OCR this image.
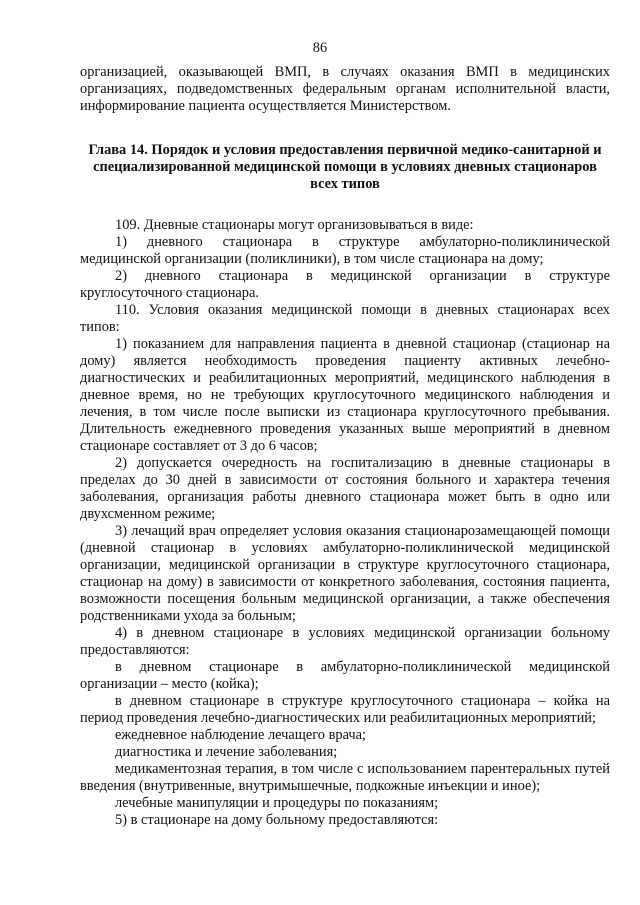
86

организацией, оказывающей ВМП, в случаях оказания ВМП в медицинских организациях, подведомственных федеральным органам исполнительной власти, информирование пациента осуществляется Министерством.

Глава 14. Порядок и условия предоставления первичной медико-санитарной и специализированной медицинской помощи в условиях дневных стационаров всех типов

109. Дневные стационары могут организовываться в виде:

1) дневного стационара в структуре амбулаторно-поликлинической медицинской организации (поликлиники), в том числе стационара на дому;

2) дневного стационара в медицинской организации в структуре круглосуточного стационара.

110. Условия оказания медицинской помощи в дневных стационарах всех типов:

1) показанием для направления пациента в дневной стационар (стационар на дому) является необходимость проведения пациенту активных лечебно-диагностических и реабилитационных мероприятий, медицинского наблюдения в дневное время, но не требующих круглосуточного медицинского наблюдения и лечения, в том числе после выписки из стационара круглосуточного пребывания. Длительность ежедневного проведения указанных выше мероприятий в дневном стационаре составляет от 3 до 6 часов;

2) допускается очередность на госпитализацию в дневные стационары в пределах до 30 дней в зависимости от состояния больного и характера течения заболевания, организация работы дневного стационара может быть в одно или двухсменном режиме;

3) лечащий врач определяет условия оказания стационарозамещающей помощи (дневной стационар в условиях амбулаторно-поликлинической медицинской организации, медицинской организации в структуре круглосуточного стационара, стационар на дому) в зависимости от конкретного заболевания, состояния пациента, возможности посещения больным медицинской организации, а также обеспечения родственниками ухода за больным;

4) в дневном стационаре в условиях медицинской организации больному предоставляются:

в дневном стационаре в амбулаторно-поликлинической медицинской организации – место (койка);

в дневном стационаре в структуре круглосуточного стационара – койка на период проведения лечебно-диагностических или реабилитационных мероприятий;

ежедневное наблюдение лечащего врача;

диагностика и лечение заболевания;

медикаментозная терапия, в том числе с использованием парентеральных путей введения (внутривенные, внутримышечные, подкожные инъекции и иное);

лечебные манипуляции и процедуры по показаниям;

5) в стационаре на дому больному предоставляются:
